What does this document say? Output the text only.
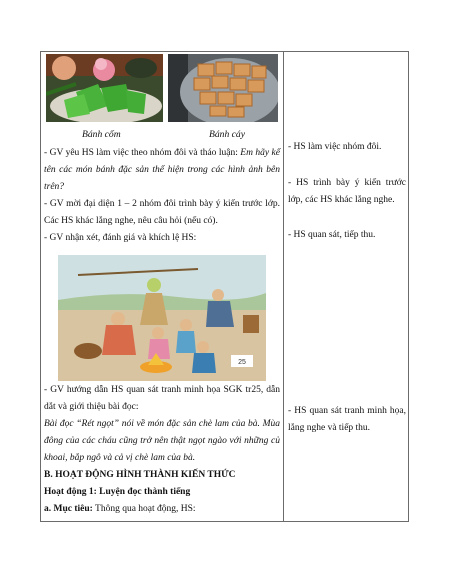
Bánh cốm	Bánh cáy
- GV yêu HS làm việc theo nhóm đôi và tháo luận: Em hãy kể tên các món bánh đặc sản thể hiện trong các hình ảnh bên trên?
- GV mời đại diện 1 – 2 nhóm đôi trình bày ý kiến trước lớp. Các HS khác lắng nghe, nêu câu hỏi (nếu có).
- GV nhận xét, đánh giá và khích lệ HS:
25
- GV hướng dẫn HS quan sát tranh minh họa SGK tr25, dẫn dắt và giới thiệu bài đọc:
Bài đọc “Rét ngọt” nói về món đặc sản chè lam của bà. Mùa đông của các cháu cũng trở nên thật ngọt ngào với những củ khoai, bắp ngô và cả vị chè lam của bà.
B. HOẠT ĐỘNG HÌNH THÀNH KIẾN THỨC
Hoạt động 1: Luyện đọc thành tiếng
a. Mục tiêu: Thông qua hoạt động, HS:
- HS làm việc nhóm đôi.
- HS trình bày ý kiến trước lớp, các HS khác lắng nghe.
- HS quan sát, tiếp thu.
- HS quan sát tranh minh họa, lắng nghe và tiếp thu.
